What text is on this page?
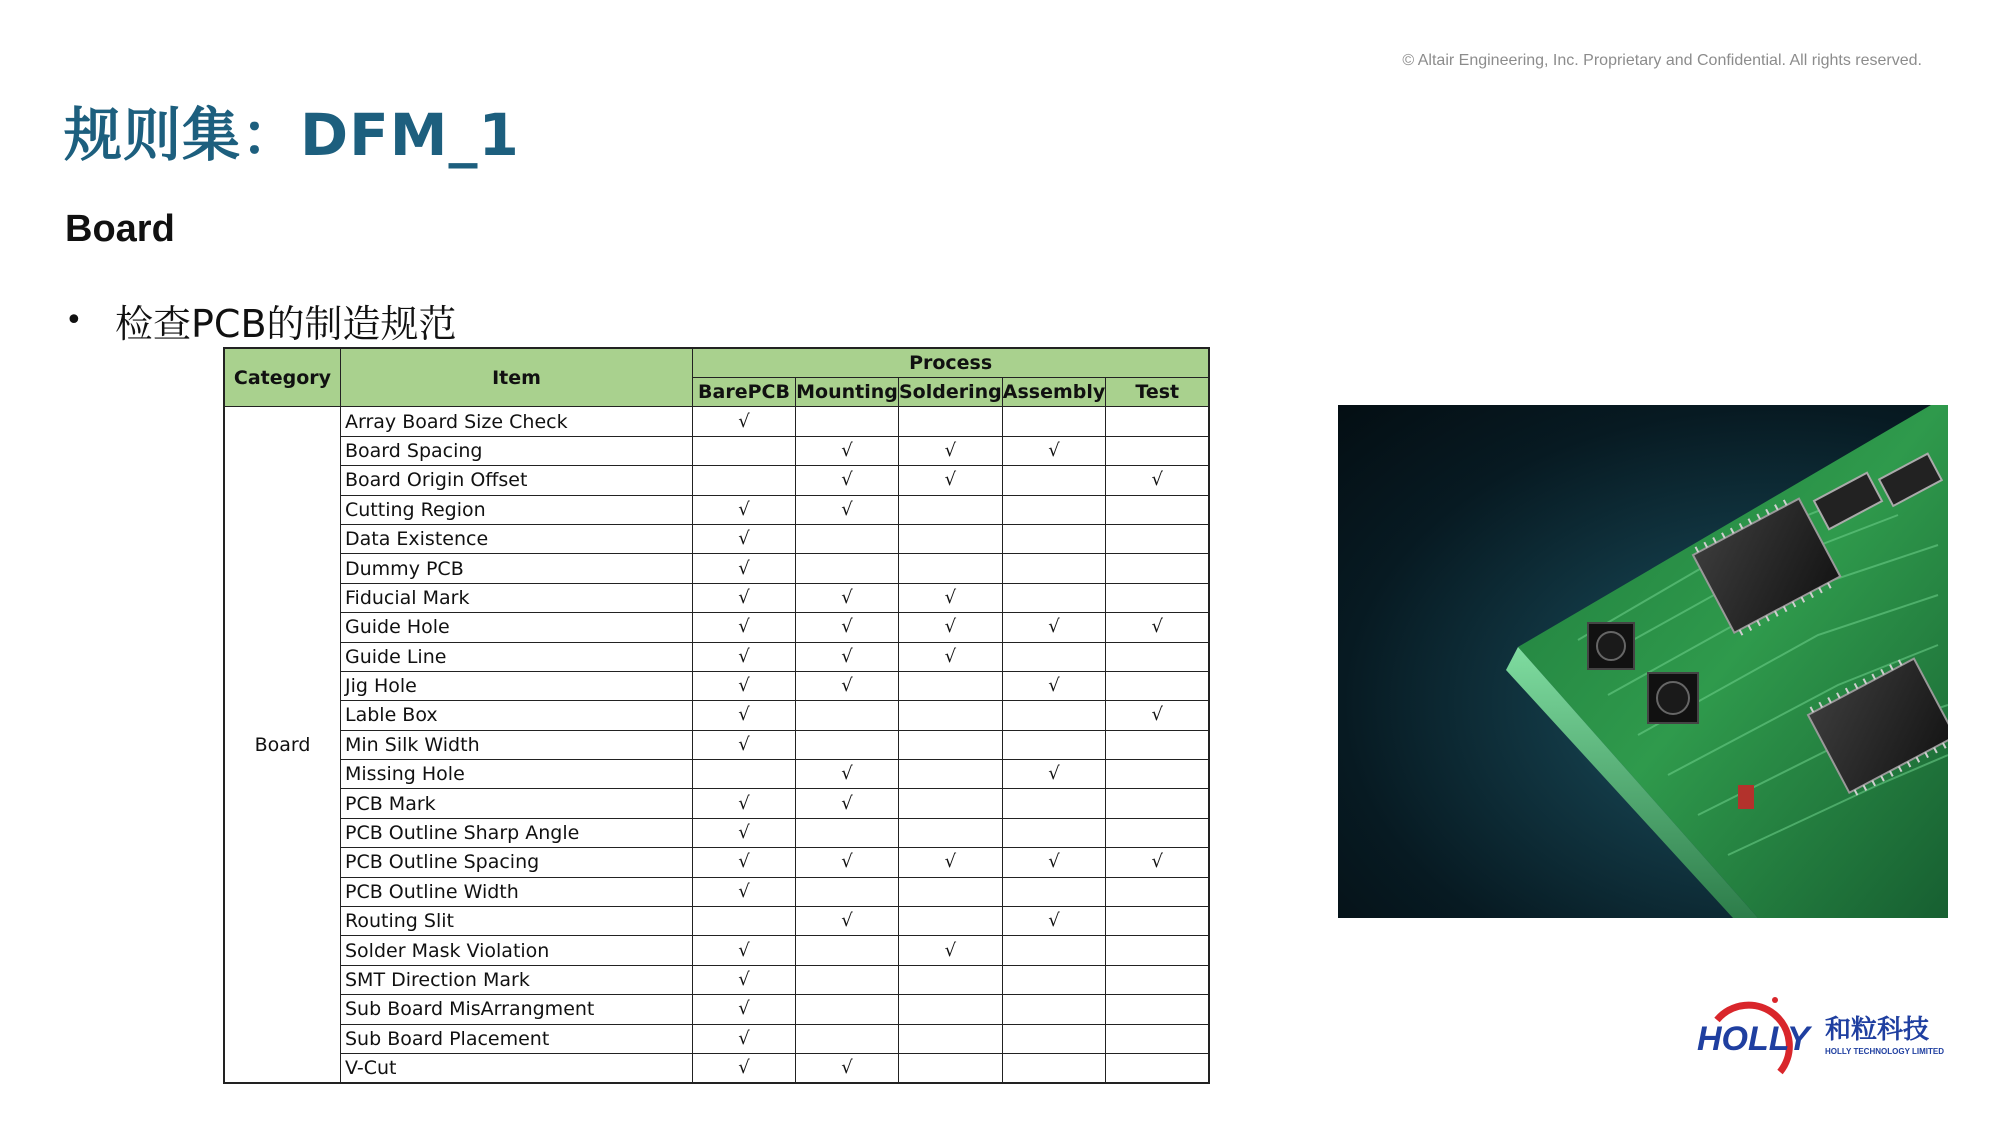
© Altair Engineering, Inc. Proprietary and Confidential. All rights reserved.
规则集：DFM_1
Board
• 检查PCB的制造规范
Category	Item	Process				
		BarePCB	Mounting	Soldering	Assembly	Test
Board	Array Board Size Check	√				
	Board Spacing		√	√	√	
	Board Origin Offset		√	√		√
	Cutting Region	√	√			
	Data Existence	√				
	Dummy PCB	√				
	Fiducial Mark	√	√	√		
	Guide Hole	√	√	√	√	√
	Guide Line	√	√	√		
	Jig Hole	√	√		√	
	Lable Box	√				√
	Min Silk Width	√				
	Missing Hole		√		√	
	PCB Mark	√	√			
	PCB Outline Sharp Angle	√				
	PCB Outline Spacing	√	√	√	√	√
	PCB Outline Width	√				
	Routing Slit		√		√	
	Solder Mask Violation	√		√		
	SMT Direction Mark	√				
	Sub Board MisArrangment	√				
	Sub Board Placement	√				
	V-Cut	√	√			
HOLLY 和粒科技
HOLLY TECHNOLOGY LIMITED
